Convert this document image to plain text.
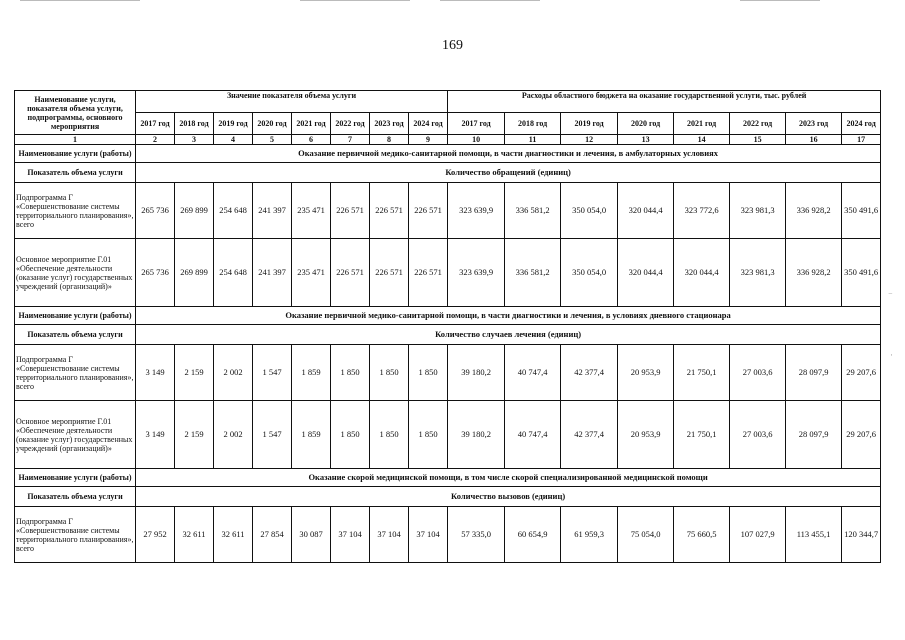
169
Наименование услуги, показателя объема услуги, подпрограммы, основного мероприятия	Значение показателя объема услуги								Расходы областного бюджета на оказание государственной услуги, тыс. рублей							
	2017 год	2018 год	2019 год	2020 год	2021 год	2022 год	2023 год	2024 год	2017 год	2018 год	2019 год	2020 год	2021 год	2022 год	2023 год	2024 год
1	2	3	4	5	6	7	8	9	10	11	12	13	14	15	16	17
Наименование услуги (работы)	Оказание первичной медико-санитарной помощи, в части диагностики и лечения, в амбулаторных условиях															
Показатель объема услуги	Количество обращений (единиц)															
Подпрограмма Г «Совершенствование системы территориального планирования», всего	265 736	269 899	254 648	241 397	235 471	226 571	226 571	226 571	323 639,9	336 581,2	350 054,0	320 044,4	323 772,6	323 981,3	336 928,2	350 491,6
Основное мероприятие Г.01 «Обеспечение деятельности (оказание услуг) государственных учреждений (организаций)»	265 736	269 899	254 648	241 397	235 471	226 571	226 571	226 571	323 639,9	336 581,2	350 054,0	320 044,4	320 044,4	323 981,3	336 928,2	350 491,6
Наименование услуги (работы)	Оказание первичной медико-санитарной помощи, в части диагностики и лечения, в условиях дневного стационара															
Показатель объема услуги	Количество случаев лечения (единиц)															
Подпрограмма Г «Совершенствование системы территориального планирования», всего	3 149	2 159	2 002	1 547	1 859	1 850	1 850	1 850	39 180,2	40 747,4	42 377,4	20 953,9	21 750,1	27 003,6	28 097,9	29 207,6
Основное мероприятие Г.01 «Обеспечение деятельности (оказание услуг) государственных учреждений (организаций)»	3 149	2 159	2 002	1 547	1 859	1 850	1 850	1 850	39 180,2	40 747,4	42 377,4	20 953,9	21 750,1	27 003,6	28 097,9	29 207,6
Наименование услуги (работы)	Оказание скорой медицинской помощи, в том числе скорой специализированной медицинской помощи															
Показатель объема услуги	Количество вызовов (единиц)															
Подпрограмма Г «Совершенствование системы территориального планирования», всего	27 952	32 611	32 611	27 854	30 087	37 104	37 104	37 104	57 335,0	60 654,9	61 959,3	75 054,0	75 660,5	107 027,9	113 455,1	120 344,7
⁻
·
